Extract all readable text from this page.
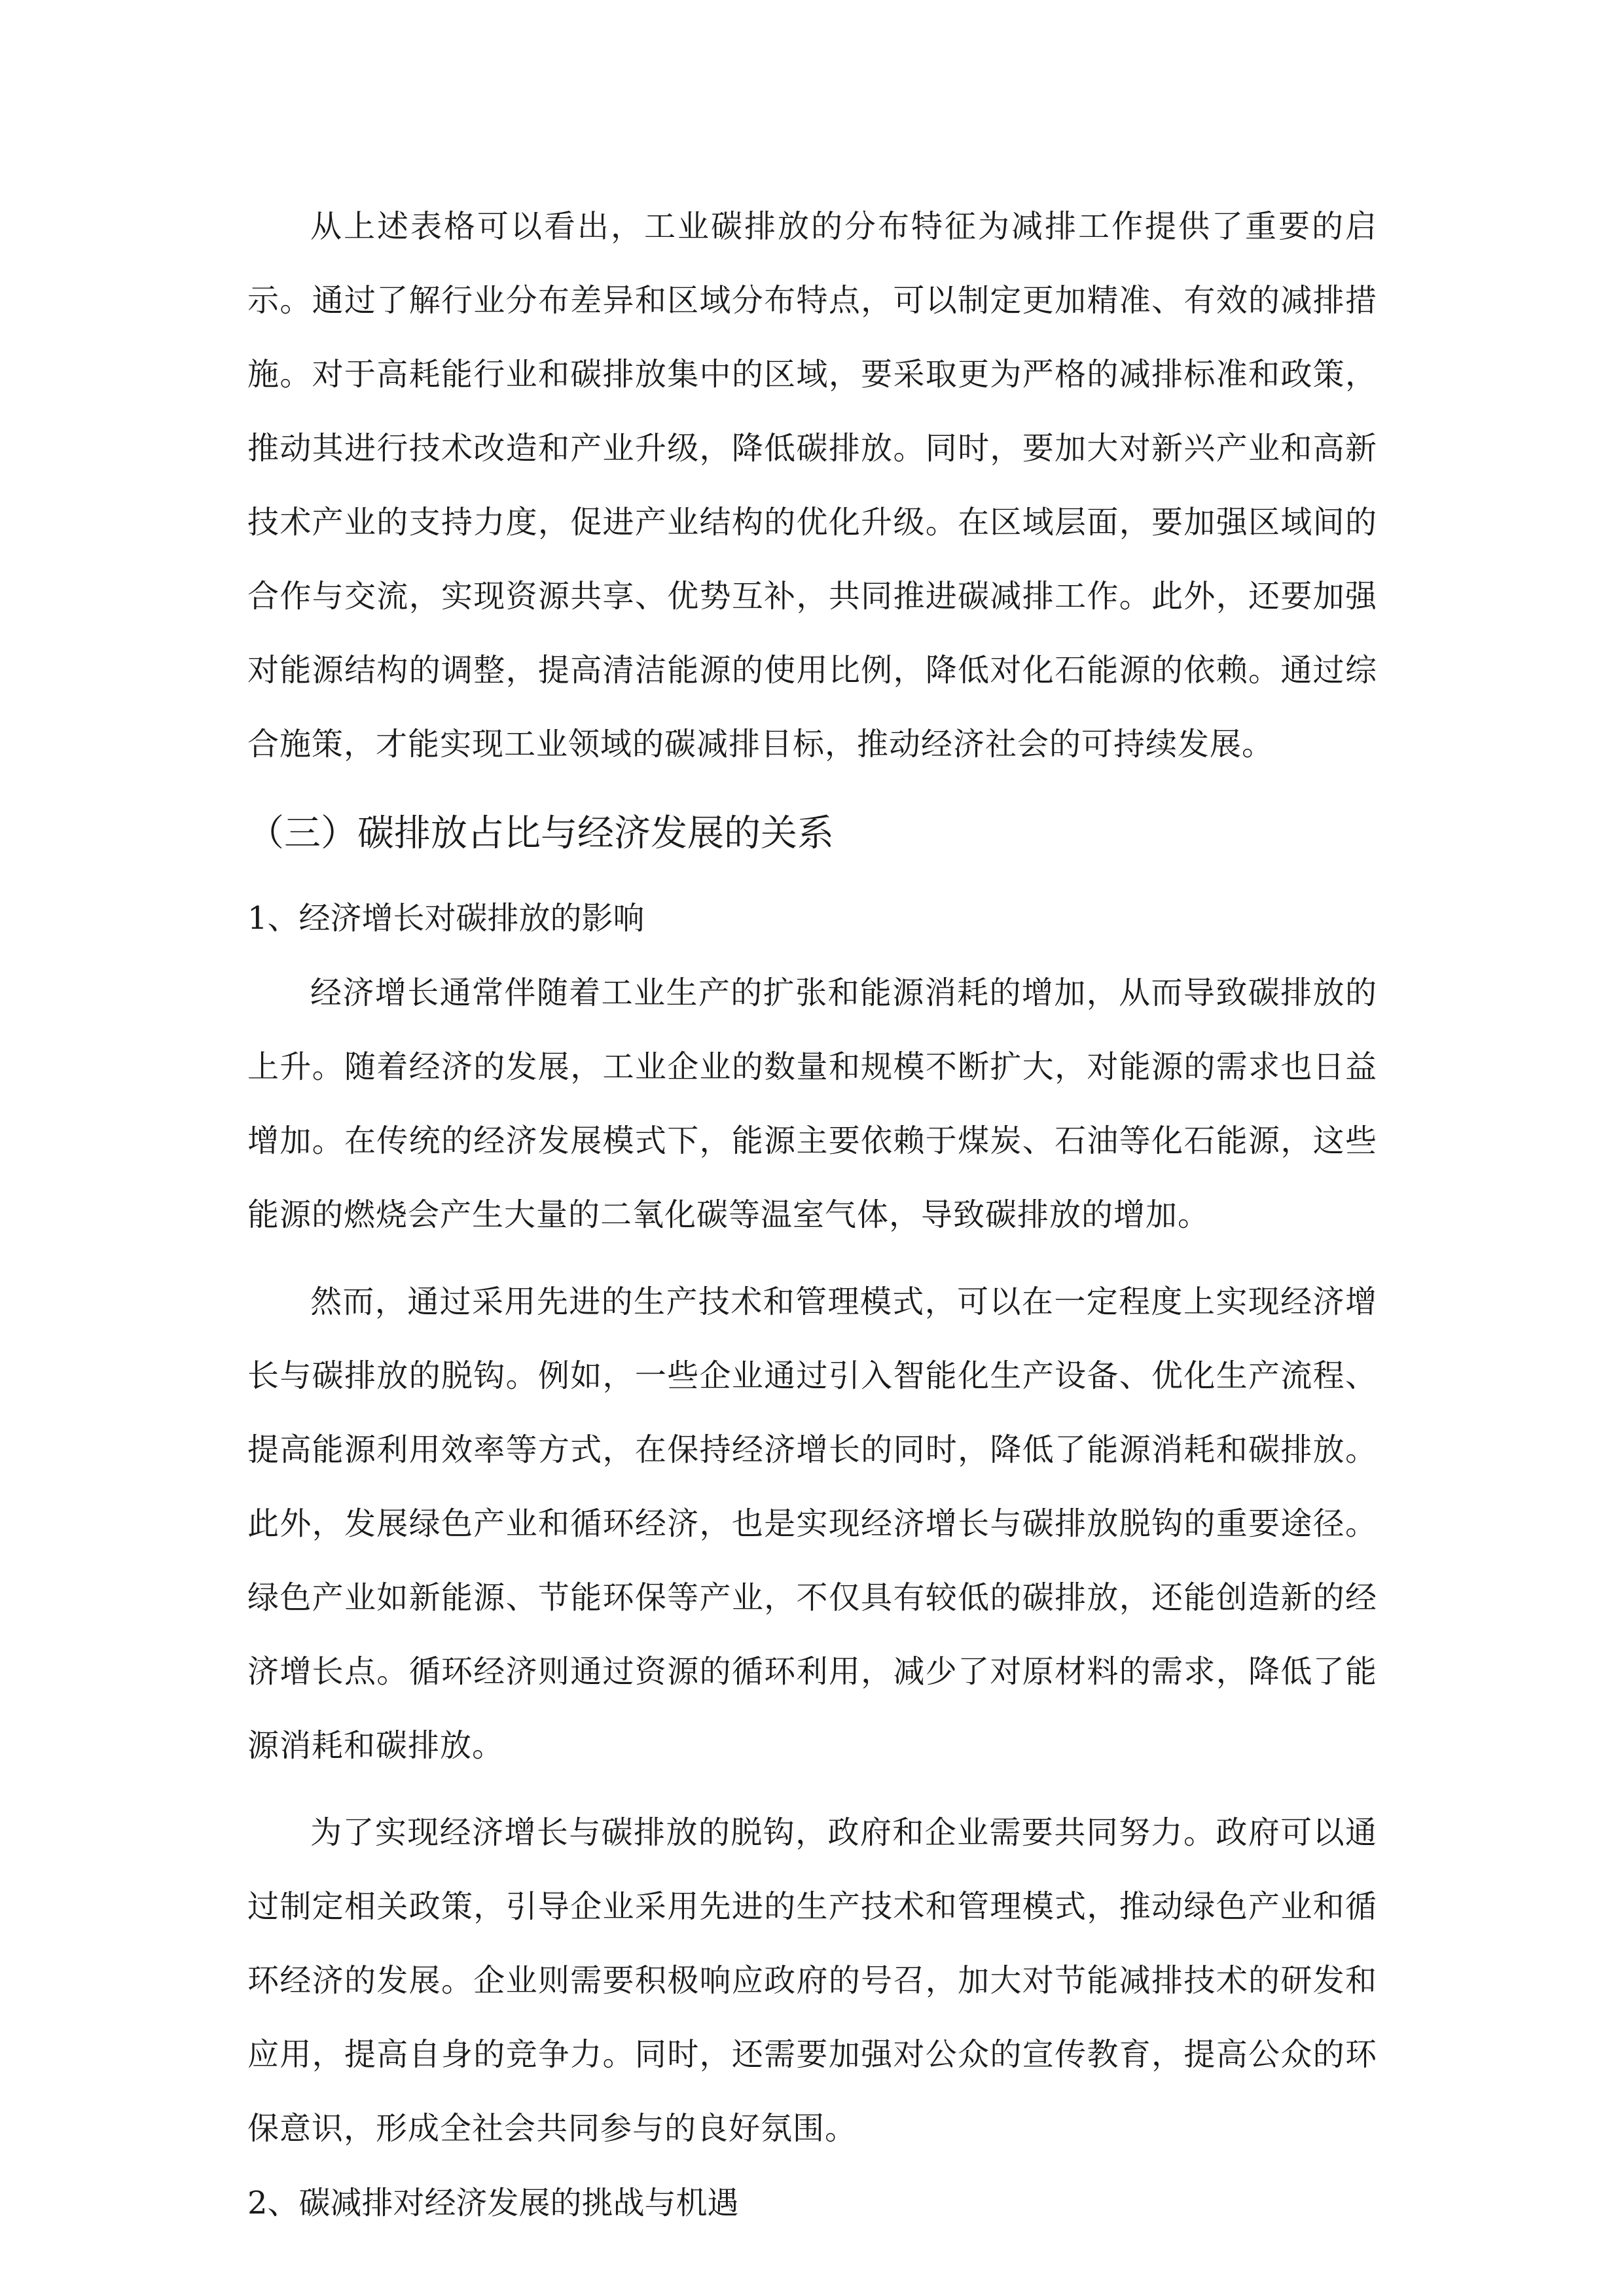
从上述表格可以看出，工业碳排放的分布特征为减排工作提供了重要的启示。通过了解行业分布差异和区域分布特点，可以制定更加精准、有效的减排措施。对于高耗能行业和碳排放集中的区域，要采取更为严格的减排标准和政策，推动其进行技术改造和产业升级，降低碳排放。同时，要加大对新兴产业和高新技术产业的支持力度，促进产业结构的优化升级。在区域层面，要加强区域间的合作与交流，实现资源共享、优势互补，共同推进碳减排工作。此外，还要加强对能源结构的调整，提高清洁能源的使用比例，降低对化石能源的依赖。通过综合施策，才能实现工业领域的碳减排目标，推动经济社会的可持续发展。

（三）碳排放占比与经济发展的关系
1、经济增长对碳排放的影响

经济增长通常伴随着工业生产的扩张和能源消耗的增加，从而导致碳排放的上升。随着经济的发展，工业企业的数量和规模不断扩大，对能源的需求也日益增加。在传统的经济发展模式下，能源主要依赖于煤炭、石油等化石能源，这些能源的燃烧会产生大量的二氧化碳等温室气体，导致碳排放的增加。

然而，通过采用先进的生产技术和管理模式，可以在一定程度上实现经济增长与碳排放的脱钩。例如，一些企业通过引入智能化生产设备、优化生产流程、提高能源利用效率等方式，在保持经济增长的同时，降低了能源消耗和碳排放。此外，发展绿色产业和循环经济，也是实现经济增长与碳排放脱钩的重要途径。绿色产业如新能源、节能环保等产业，不仅具有较低的碳排放，还能创造新的经济增长点。循环经济则通过资源的循环利用，减少了对原材料的需求，降低了能源消耗和碳排放。

为了实现经济增长与碳排放的脱钩，政府和企业需要共同努力。政府可以通过制定相关政策，引导企业采用先进的生产技术和管理模式，推动绿色产业和循环经济的发展。企业则需要积极响应政府的号召，加大对节能减排技术的研发和应用，提高自身的竞争力。同时，还需要加强对公众的宣传教育，提高公众的环保意识，形成全社会共同参与的良好氛围。

2、碳减排对经济发展的挑战与机遇
